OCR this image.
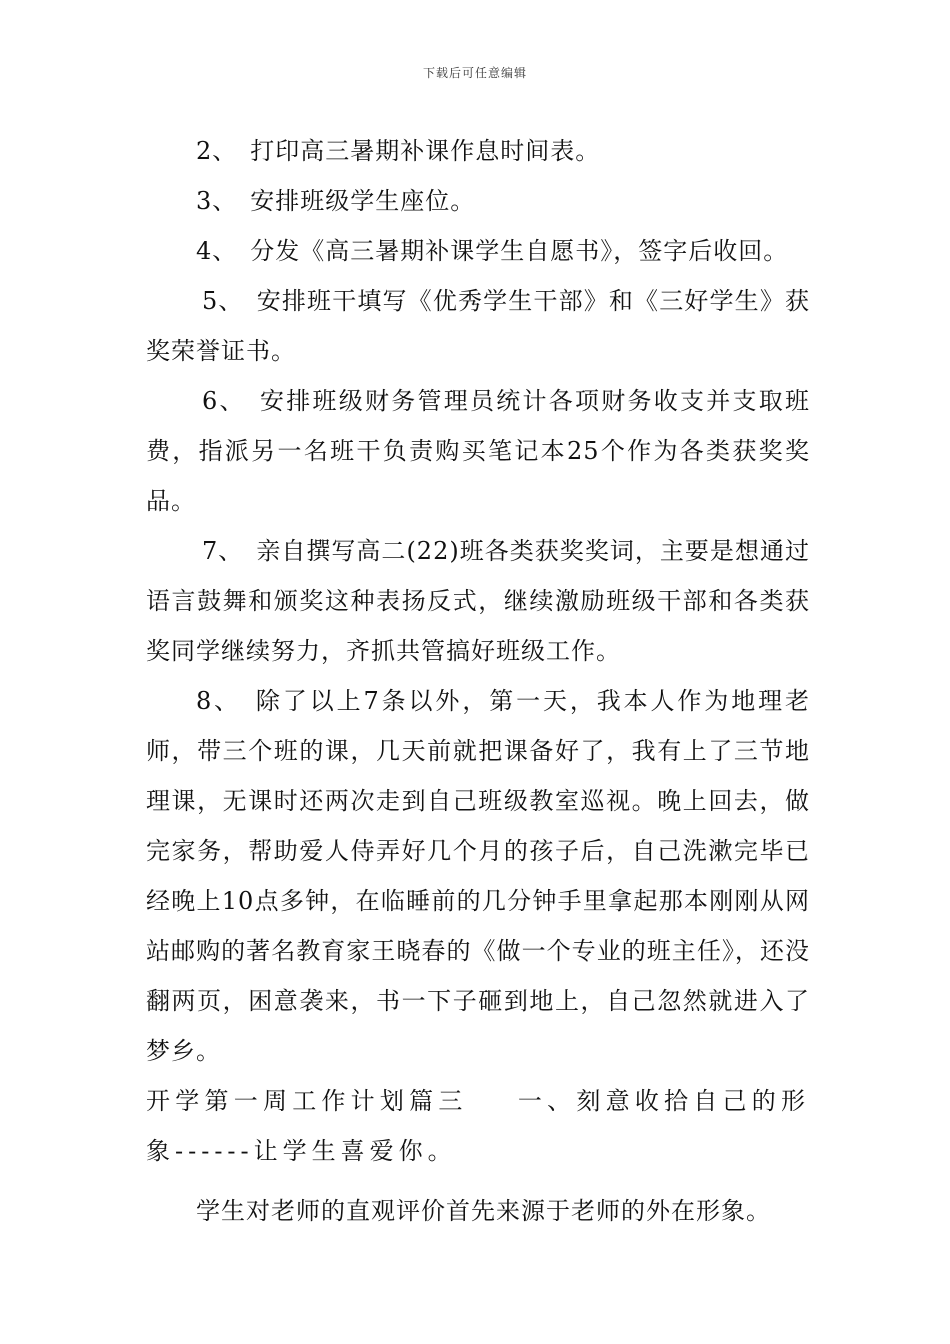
下载后可任意编辑

2、　打印高三暑期补课作息时间表。

3、　安排班级学生座位。

4、　分发《高三暑期补课学生自愿书》，签字后收回。

5、　安排班干填写《优秀学生干部》和《三好学生》获奖荣誉证书。

6、　安排班级财务管理员统计各项财务收支并支取班费，指派另一名班干负责购买笔记本25个作为各类获奖奖品。

7、　亲自撰写高二(22)班各类获奖奖词，主要是想通过语言鼓舞和颁奖这种表扬反式，继续激励班级干部和各类获奖同学继续努力，齐抓共管搞好班级工作。

8、　除了以上7条以外，第一天，我本人作为地理老师，带三个班的课，几天前就把课备好了，我有上了三节地理课，无课时还两次走到自己班级教室巡视。晚上回去，做完家务，帮助爱人侍弄好几个月的孩子后，自己洗漱完毕已经晚上10点多钟，在临睡前的几分钟手里拿起那本刚刚从网站邮购的著名教育家王晓春的《做一个专业的班主任》，还没翻两页，困意袭来，书一下子砸到地上，自己忽然就进入了梦乡。

开学第一周工作计划篇三 一、刻意收拾自己的形象------让学生喜爱你。

学生对老师的直观评价首先来源于老师的外在形象。
